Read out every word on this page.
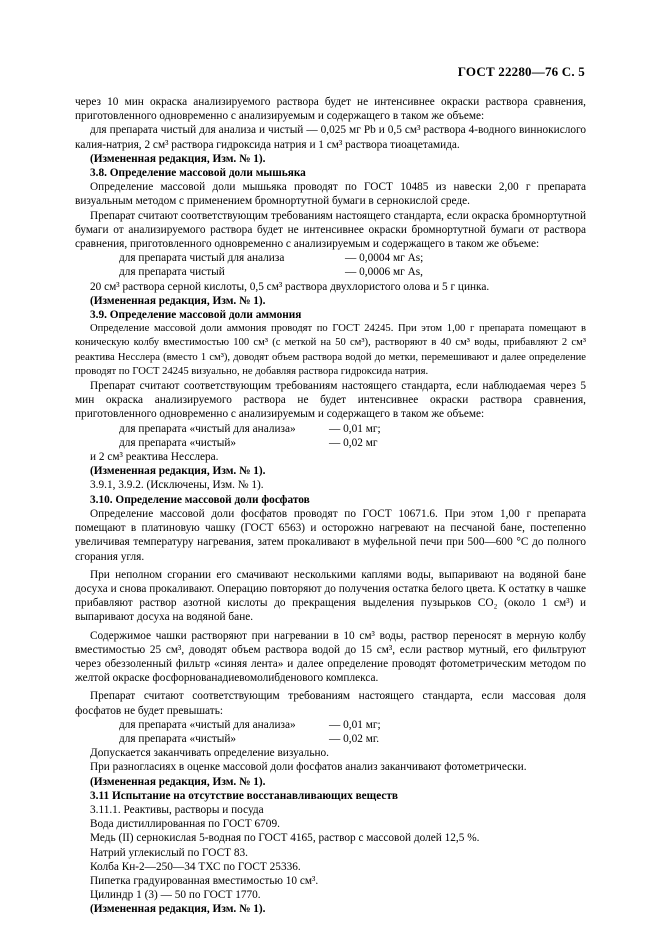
ГОСТ 22280—76 С. 5

через 10 мин окраска анализируемого раствора будет не интенсивнее окраски раствора сравнения, приготовленного одновременно с анализируемым и содержащего в таком же объеме:

для препарата чистый для анализа и чистый — 0,025 мг Pb и 0,5 см³ раствора 4-водного виннокислого калия-натрия, 2 см³ раствора гидроксида натрия и 1 см³ раствора тиоацетамида.

(Измененная редакция, Изм. № 1).

3.8. Определение массовой доли мышьяка

Определение массовой доли мышьяка проводят по ГОСТ 10485 из навески 2,00 г препарата визуальным методом с применением бромнортутной бумаги в сернокислой среде.

Препарат считают соответствующим требованиям настоящего стандарта, если окраска бромнортутной бумаги от анализируемого раствора будет не интенсивнее окраски бромнортутной бумаги от раствора сравнения, приготовленного одновременно с анализируемым и содержащего в таком же объеме:

для препарата чистый для анализа	— 0,0004 мг As;
для препарата чистый	— 0,0006 мг As,

20 см³ раствора серной кислоты, 0,5 см³ раствора двухлористого олова и 5 г цинка.

(Измененная редакция, Изм. № 1).

3.9. Определение массовой доли аммония

Определение массовой доли аммония проводят по ГОСТ 24245. При этом 1,00 г препарата помещают в коническую колбу вместимостью 100 см³ (с меткой на 50 см³), растворяют в 40 см³ воды, прибавляют 2 см³ реактива Несслера (вместо 1 см³), доводят объем раствора водой до метки, перемешивают и далее определение проводят по ГОСТ 24245 визуально, не добавляя раствора гидроксида натрия.

Препарат считают соответствующим требованиям настоящего стандарта, если наблюдаемая через 5 мин окраска анализируемого раствора не будет интенсивнее окраски раствора сравнения, приготовленного одновременно с анализируемым и содержащего в таком же объеме:

для препарата «чистый для анализа»	— 0,01 мг;
для препарата «чистый»	— 0,02 мг

и 2 см³ реактива Несслера.

(Измененная редакция, Изм. № 1).

3.9.1, 3.9.2. (Исключены, Изм. № 1).

3.10. Определение массовой доли фосфатов

Определение массовой доли фосфатов проводят по ГОСТ 10671.6. При этом 1,00 г препарата помещают в платиновую чашку (ГОСТ 6563) и осторожно нагревают на песчаной бане, постепенно увеличивая температуру нагревания, затем прокаливают в муфельной печи при 500—600 °С до полного сгорания угля.

При неполном сгорании его смачивают несколькими каплями воды, выпаривают на водяной бане досуха и снова прокаливают. Операцию повторяют до получения остатка белого цвета. К остатку в чашке прибавляют раствор азотной кислоты до прекращения выделения пузырьков CO₂ (около 1 см³) и выпаривают досуха на водяной бане.

Содержимое чашки растворяют при нагревании в 10 см³ воды, раствор переносят в мерную колбу вместимостью 25 см³, доводят объем раствора водой до 15 см³, если раствор мутный, его фильтруют через обеззоленный фильтр «синяя лента» и далее определение проводят фотометрическим методом по желтой окраске фосфорнованадиевомолибденового комплекса.

Препарат считают соответствующим требованиям настоящего стандарта, если массовая доля фосфатов не будет превышать:

для препарата «чистый для анализа»	— 0,01 мг;
для препарата «чистый»	— 0,02 мг.

Допускается заканчивать определение визуально.

При разногласиях в оценке массовой доли фосфатов анализ заканчивают фотометрически.

(Измененная редакция, Изм. № 1).

3.11 Испытание на отсутствие восстанавливающих веществ

3.11.1. Реактивы, растворы и посуда

Вода дистиллированная по ГОСТ 6709.

Медь (II) сернокислая 5-водная по ГОСТ 4165, раствор с массовой долей 12,5 %.

Натрий углекислый по ГОСТ 83.

Колба Кн-2—250—34 ТХС по ГОСТ 25336.

Пипетка градуированная вместимостью 10 см³.

Цилиндр 1 (3) — 50 по ГОСТ 1770.

(Измененная редакция, Изм. № 1).
